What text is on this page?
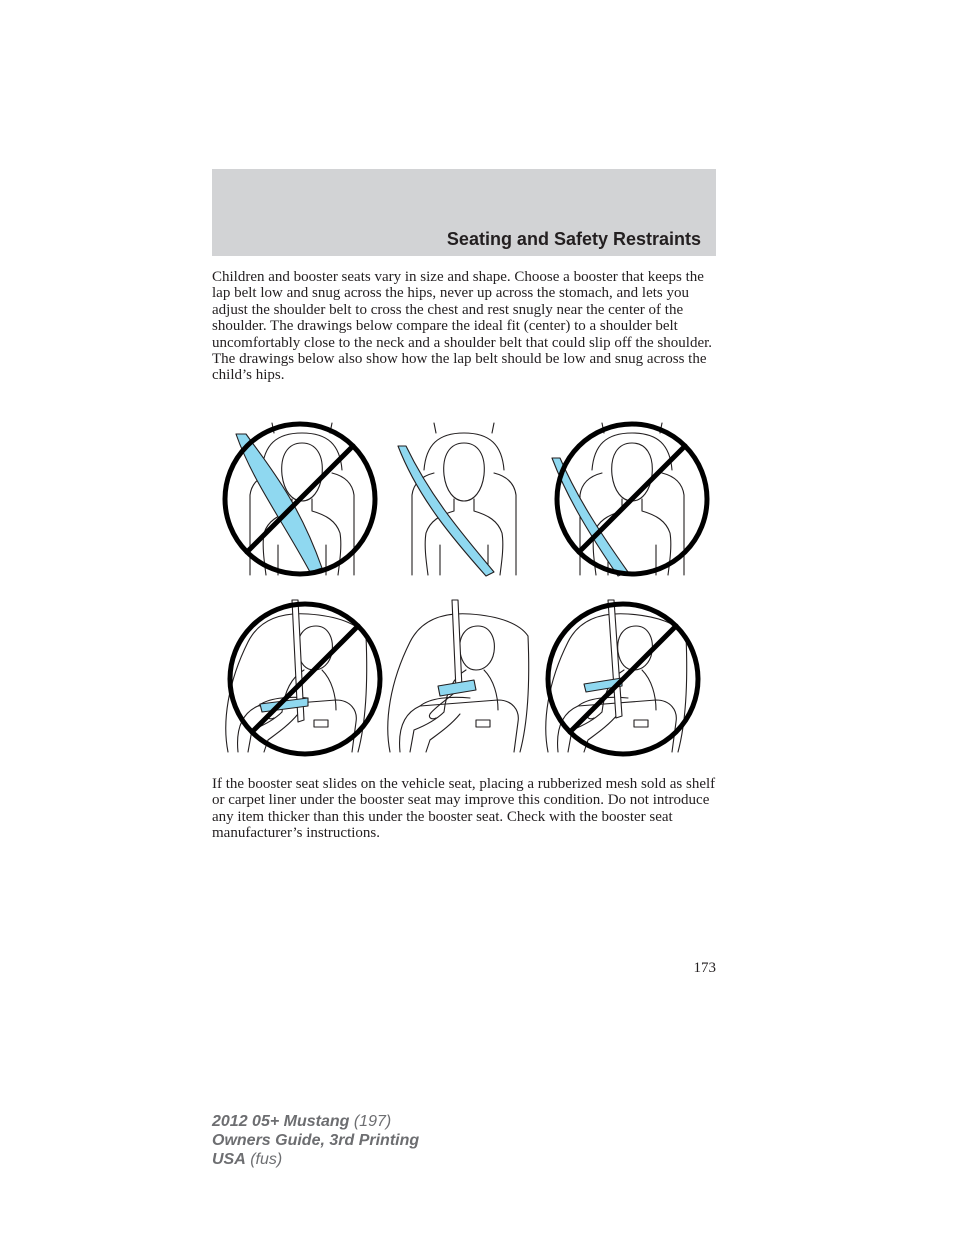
Seating and Safety Restraints

Children and booster seats vary in size and shape. Choose a booster that keeps the lap belt low and snug across the hips, never up across the stomach, and lets you adjust the shoulder belt to cross the chest and rest snugly near the center of the shoulder. The drawings below compare the ideal fit (center) to a shoulder belt uncomfortably close to the neck and a shoulder belt that could slip off the shoulder. The drawings below also show how the lap belt should be low and snug across the child’s hips.

If the booster seat slides on the vehicle seat, placing a rubberized mesh sold as shelf or carpet liner under the booster seat may improve this condition. Do not introduce any item thicker than this under the booster seat. Check with the booster seat manufacturer’s instructions.

173
2012 05+ Mustang (197)
Owners Guide, 3rd Printing
USA (fus)
